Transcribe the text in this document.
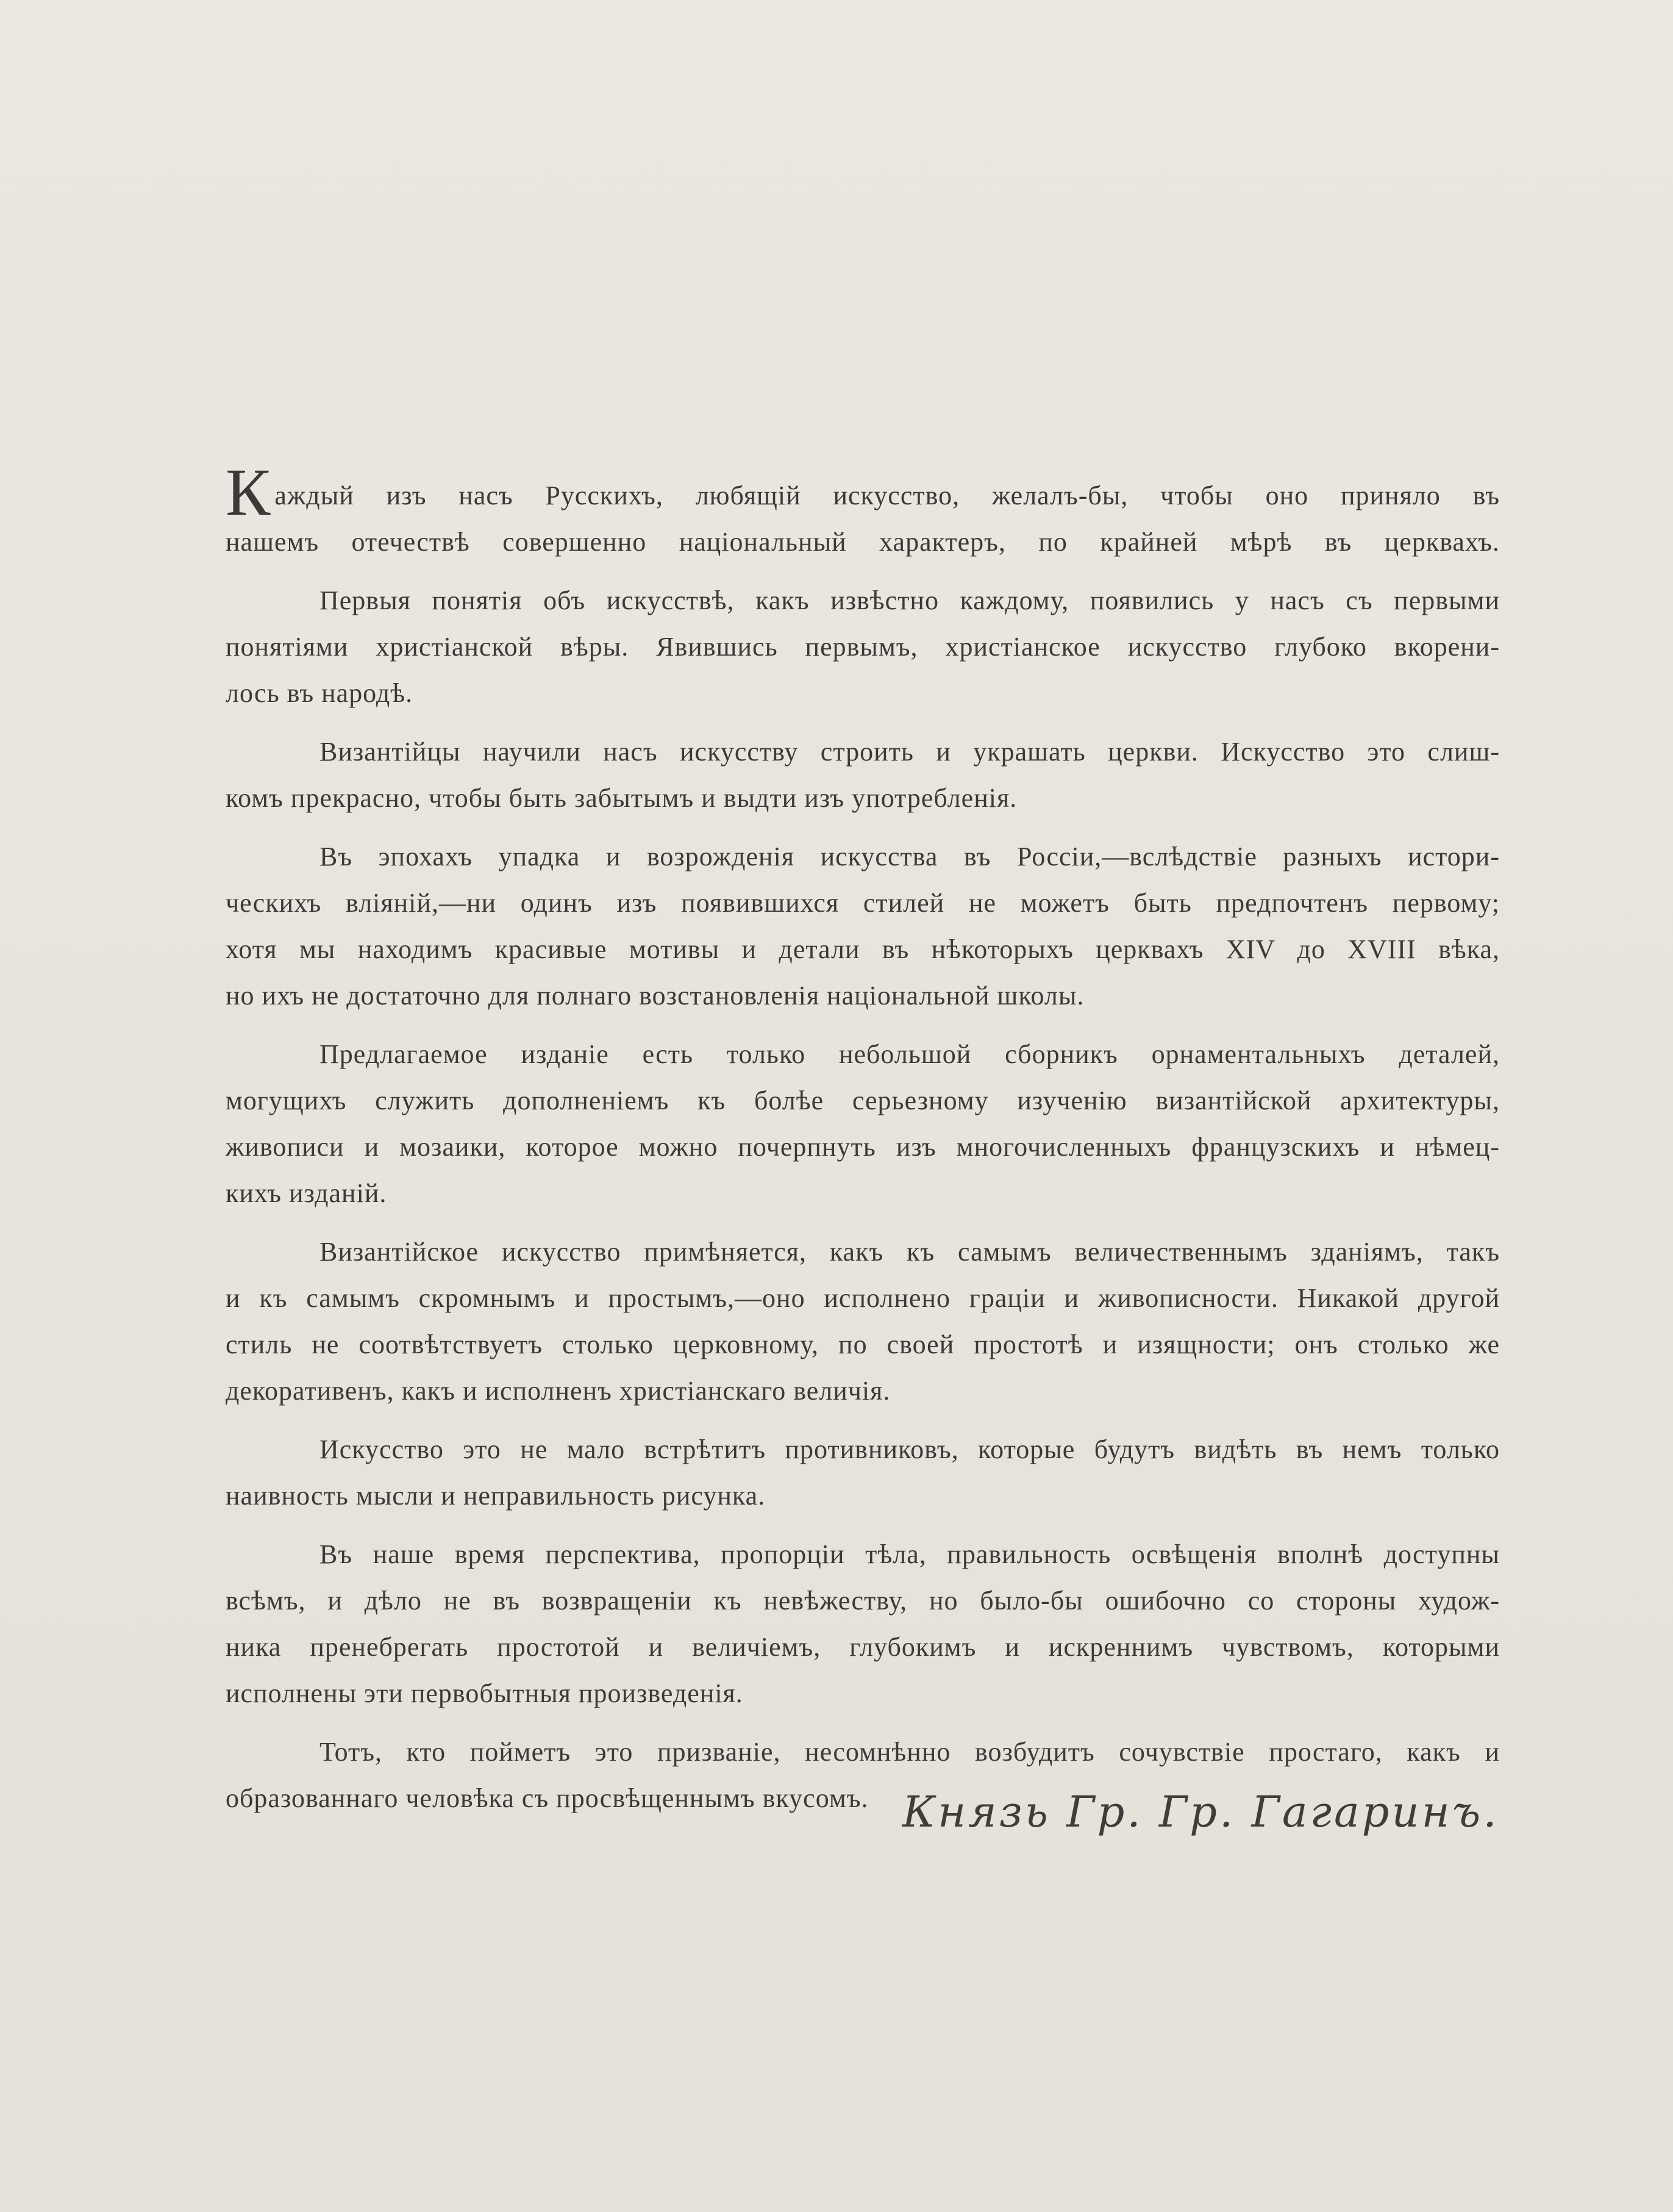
К аждый изъ насъ Русскихъ, любящiй искусство, желалъ-бы, чтобы оно приняло въ
нашемъ отечествѣ совершенно національный характеръ, по крайней мѣрѣ въ церквахъ.
Первыя понятія объ искусствѣ, какъ извѣстно каждому, появились у насъ съ первыми
понятіями христіанской вѣры. Явившись первымъ, христіанское искусство глубоко вкорени-
лось въ народѣ.
Византійцы научили насъ искусству строить и украшать церкви. Искусство это слиш-
комъ прекрасно, чтобы быть забытымъ и выдти изъ употребленія.
Въ эпохахъ упадка и возрожденія искусства въ Россіи,—вслѣдствіе разныхъ истори-
ческихъ вліяній,—ни одинъ изъ появившихся стилей не можетъ быть предпочтенъ первому;
хотя мы находимъ красивые мотивы и детали въ нѣкоторыхъ церквахъ XIV до XVIII вѣка,
но ихъ не достаточно для полнаго возстановленія національной школы.
Предлагаемое изданіе есть только небольшой сборникъ орнаментальныхъ деталей,
могущихъ служить дополненіемъ къ болѣе серьезному изученію византійской архитектуры,
живописи и мозаики, которое можно почерпнуть изъ многочисленныхъ французскихъ и нѣмец-
кихъ изданій.
Византійское искусство примѣняется, какъ къ самымъ величественнымъ зданіямъ, такъ
и къ самымъ скромнымъ и простымъ,—оно исполнено граціи и живописности. Никакой другой
стиль не соотвѣтствуетъ столько церковному, по своей простотѣ и изящности; онъ столько же
декоративенъ, какъ и исполненъ христіанскаго величія.
Искусство это не мало встрѣтитъ противниковъ, которые будутъ видѣть въ немъ только
наивность мысли и неправильность рисунка.
Въ наше время перспектива, пропорціи тѣла, правильность освѣщенія вполнѣ доступны
всѣмъ, и дѣло не въ возвращеніи къ невѣжеству, но было-бы ошибочно со стороны худож-
ника пренебрегать простотой и величіемъ, глубокимъ и искреннимъ чувствомъ, которыми
исполнены эти первобытныя произведенія.
Тотъ, кто пойметъ это призваніе, несомнѣнно возбудитъ сочувствіе простаго, какъ и
образованнаго человѣка съ просвѣщеннымъ вкусомъ. Князь Гр. Гр. Гагаринъ.
